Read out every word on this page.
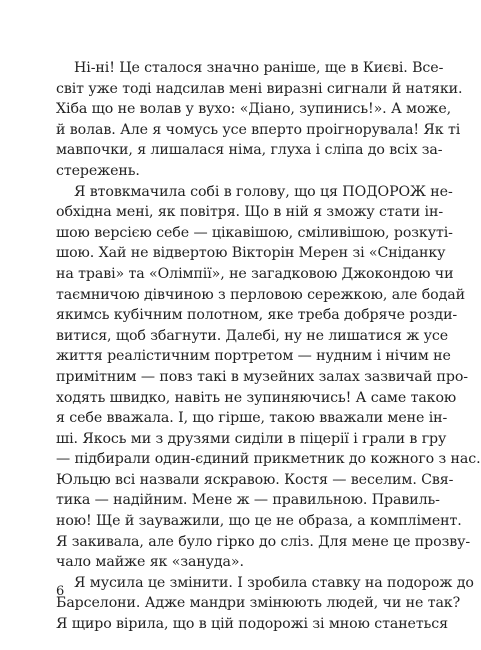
Ні-ні! Це сталося значно раніше, ще в Києві. Все-
світ уже тоді надсилав мені виразні сигнали й натяки.
Хіба що не волав у вухо: «Діано, зупинись!». А може,
й волав. Але я чомусь усе вперто проігнорувала! Як ті
мавпочки, я лишалася німа, глуха і сліпа до всіх за-
стережень.
Я втовкмачила собі в голову, що ця ПОДОРОЖ не-
обхідна мені, як повітря. Що в ній я зможу стати ін-
шою версією себе — цікавішою, сміливішою, розкуті-
шою. Хай не відвертою Вікторін Мерен зі «Сніданку
на траві» та «Олімпії», не загадковою Джокондою чи
таємничою дівчиною з перловою сережкою, але бодай
якимсь кубічним полотном, яке треба добряче розди-
витися, щоб збагнути. Далебі, ну не лишатися ж усе
життя реалістичним портретом — нудним і нічим не
примітним — повз такі в музейних залах зазвичай про-
ходять швидко, навіть не зупиняючись! А саме такою
я себе вважала. І, що гірше, такою вважали мене ін-
ші. Якось ми з друзями сиділи в піцерії і грали в гру
— підбирали один-єдиний прикметник до кожного з нас.
Юльцю всі назвали яскравою. Костя — веселим. Свя-
тика — надійним. Мене ж — правильною. Правиль-
ною! Ще й зауважили, що це не образа, а комплімент.
Я закивала, але було гірко до сліз. Для мене це прозву-
чало майже як «зануда».
Я мусила це змінити. І зробила ставку на подорож до
Барселони. Адже мандри змінюють людей, чи не так?
Я щиро вірила, що в цій подорожі зі мною станеться
6
